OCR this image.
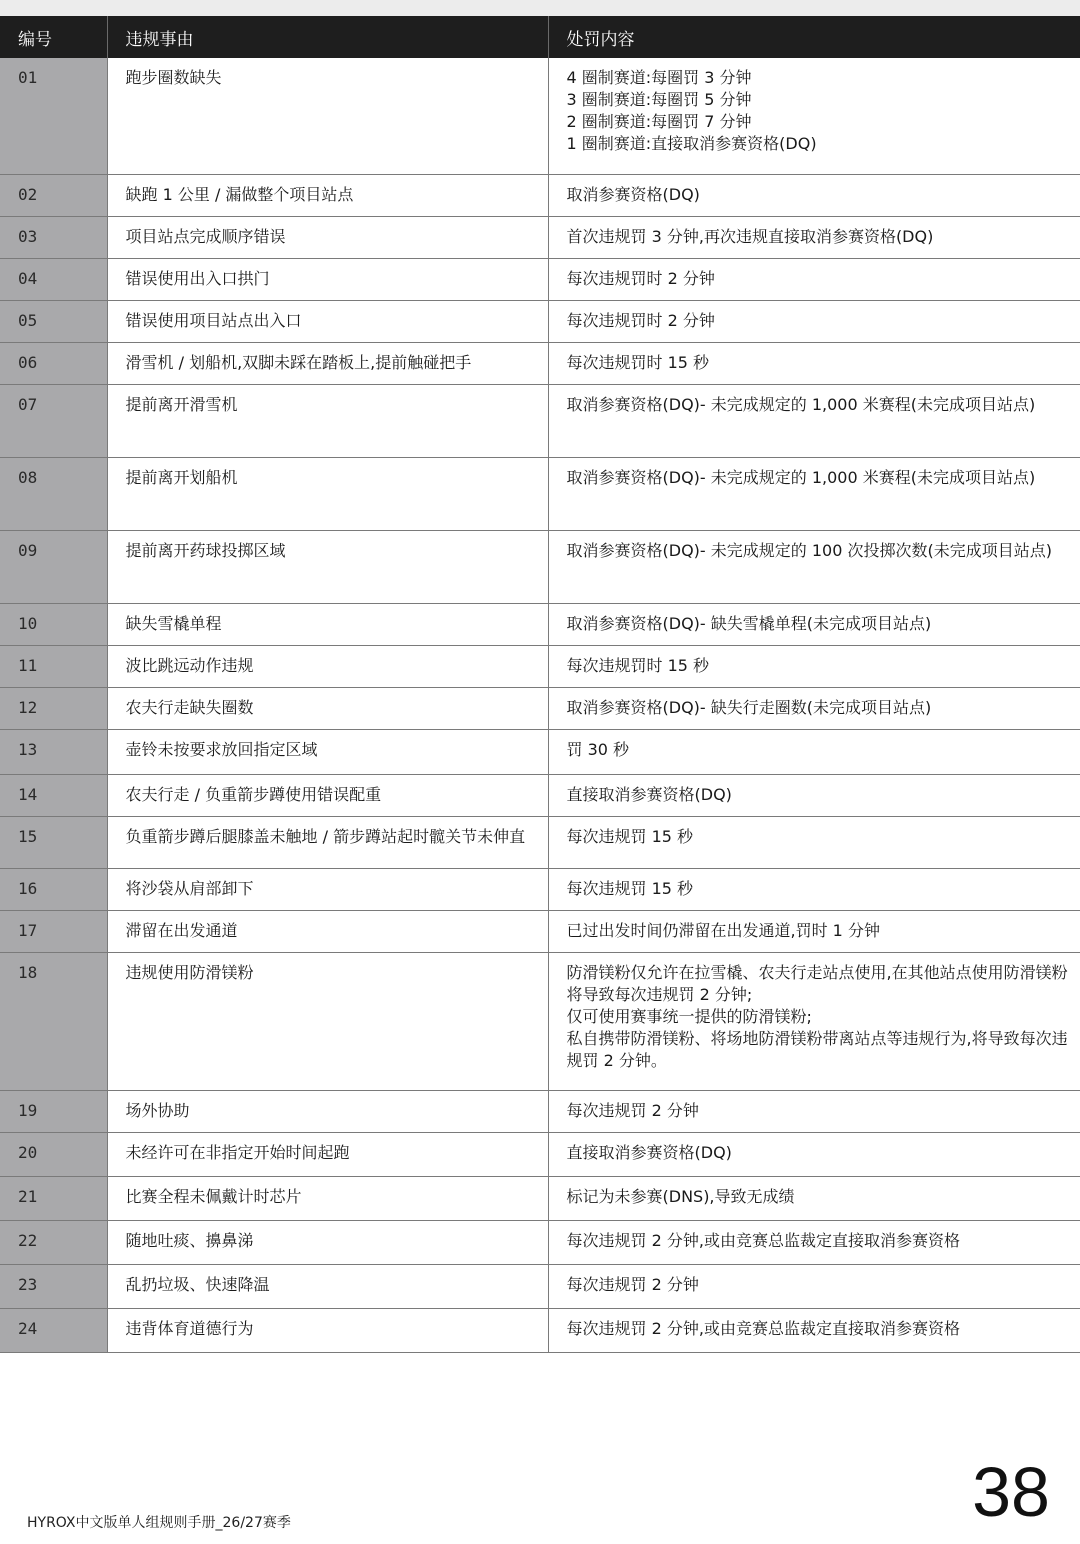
编号	违规事由	处罚内容
01	跑步圈数缺失	4 圈制赛道:每圈罚 3 分钟
3 圈制赛道:每圈罚 5 分钟
2 圈制赛道:每圈罚 7 分钟
1 圈制赛道:直接取消参赛资格(DQ)
02	缺跑 1 公里 / 漏做整个项目站点	取消参赛资格(DQ)
03	项目站点完成顺序错误	首次违规罚 3 分钟,再次违规直接取消参赛资格(DQ)
04	错误使用出入口拱门	每次违规罚时 2 分钟
05	错误使用项目站点出入口	每次违规罚时 2 分钟
06	滑雪机 / 划船机,双脚未踩在踏板上,提前触碰把手	每次违规罚时 15 秒
07	提前离开滑雪机	取消参赛资格(DQ)- 未完成规定的 1,000 米赛程(未完成项目站点)
08	提前离开划船机	取消参赛资格(DQ)- 未完成规定的 1,000 米赛程(未完成项目站点)
09	提前离开药球投掷区域	取消参赛资格(DQ)- 未完成规定的 100 次投掷次数(未完成项目站点)
10	缺失雪橇单程	取消参赛资格(DQ)- 缺失雪橇单程(未完成项目站点)
11	波比跳远动作违规	每次违规罚时 15 秒
12	农夫行走缺失圈数	取消参赛资格(DQ)- 缺失行走圈数(未完成项目站点)
13	壶铃未按要求放回指定区域	罚 30 秒
14	农夫行走 / 负重箭步蹲使用错误配重	直接取消参赛资格(DQ)
15	负重箭步蹲后腿膝盖未触地 / 箭步蹲站起时髋关节未伸直	每次违规罚 15 秒
16	将沙袋从肩部卸下	每次违规罚 15 秒
17	滞留在出发通道	已过出发时间仍滞留在出发通道,罚时 1 分钟
18	违规使用防滑镁粉	防滑镁粉仅允许在拉雪橇、农夫行走站点使用,在其他站点使用防滑镁粉将导致每次违规罚 2 分钟;
仅可使用赛事统一提供的防滑镁粉;
私自携带防滑镁粉、将场地防滑镁粉带离站点等违规行为,将导致每次违规罚 2 分钟。
19	场外协助	每次违规罚 2 分钟
20	未经许可在非指定开始时间起跑	直接取消参赛资格(DQ)
21	比赛全程未佩戴计时芯片	标记为未参赛(DNS),导致无成绩
22	随地吐痰、擤鼻涕	每次违规罚 2 分钟,或由竞赛总监裁定直接取消参赛资格
23	乱扔垃圾、快速降温	每次违规罚 2 分钟
24	违背体育道德行为	每次违规罚 2 分钟,或由竞赛总监裁定直接取消参赛资格
HYROX中文版单人组规则手册_26/27赛季	38
